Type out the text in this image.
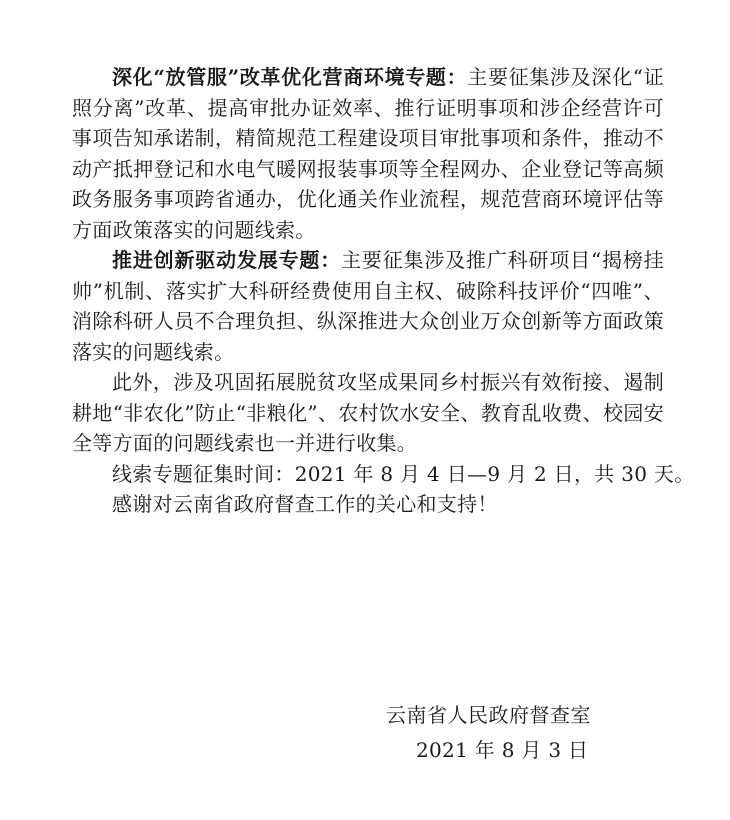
深化“放管服”改革优化营商环境专题：主要征集涉及深化“证照分离”改革、提高审批办证效率、推行证明事项和涉企经营许可事项告知承诺制，精简规范工程建设项目审批事项和条件，推动不动产抵押登记和水电气暖网报装事项等全程网办、企业登记等高频政务服务事项跨省通办，优化通关作业流程，规范营商环境评估等方面政策落实的问题线索。

推进创新驱动发展专题：主要征集涉及推广科研项目“揭榜挂帅”机制、落实扩大科研经费使用自主权、破除科技评价“四唯”、消除科研人员不合理负担、纵深推进大众创业万众创新等方面政策落实的问题线索。

此外，涉及巩固拓展脱贫攻坚成果同乡村振兴有效衔接、遏制耕地“非农化”防止“非粮化”、农村饮水安全、教育乱收费、校园安全等方面的问题线索也一并进行收集。

线索专题征集时间：2021 年 8 月 4 日—9 月 2 日，共 30 天。

感谢对云南省政府督查工作的关心和支持！

云南省人民政府督查室
2021 年 8 月 3 日
